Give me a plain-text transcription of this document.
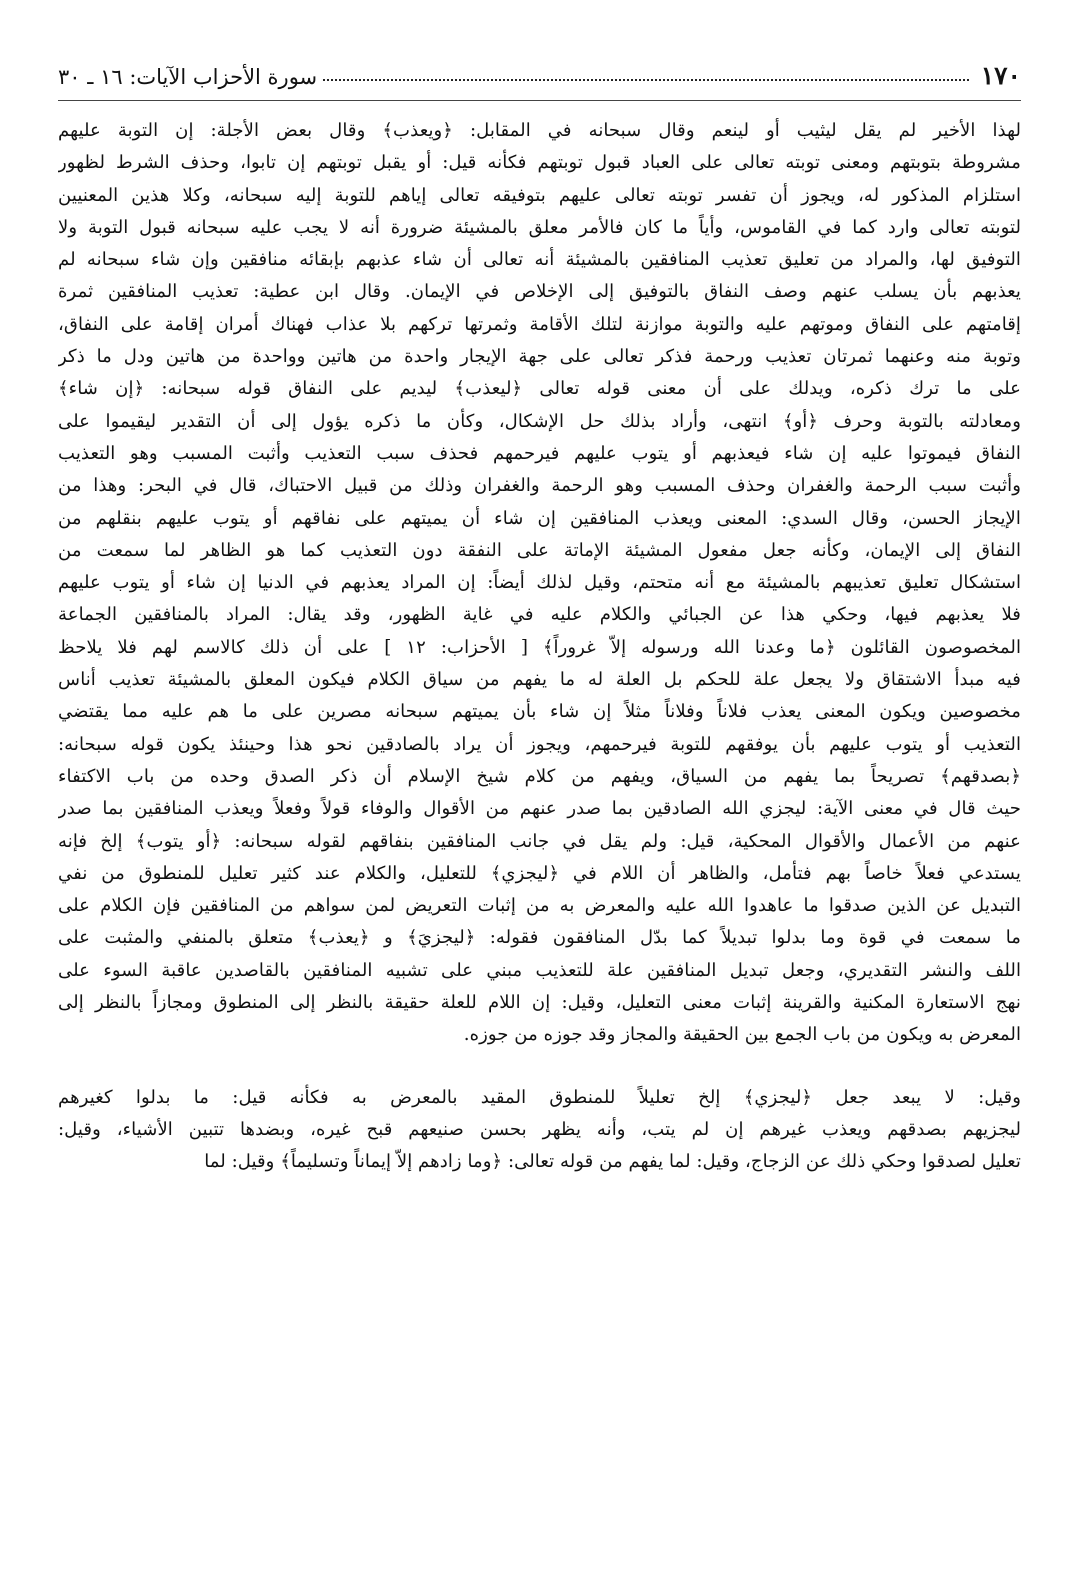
١٧٠
سورة الأحزاب الآيات: ١٦ ـ ٣٠
لهذا الأخير لم يقل ليثيب أو لينعم وقال سبحانه في المقابل: ﴿ويعذب﴾ وقال بعض الأجلة: إن التوبة عليهم
مشروطة بتوبتهم ومعنى توبته تعالى على العباد قبول توبتهم فكأنه قيل: أو يقبل توبتهم إن تابوا، وحذف الشرط لظهور
استلزام المذكور له، ويجوز أن تفسر توبته تعالى عليهم بتوفيقه تعالى إياهم للتوبة إليه سبحانه، وكلا هذين المعنيين
لتوبته تعالى وارد كما في القاموس، وأياً ما كان فالأمر معلق بالمشيئة ضرورة أنه لا يجب عليه سبحانه قبول التوبة ولا
التوفيق لها، والمراد من تعليق تعذيب المنافقين بالمشيئة أنه تعالى أن شاء عذبهم بإبقائه منافقين وإن شاء سبحانه لم
يعذبهم بأن يسلب عنهم وصف النفاق بالتوفيق إلى الإخلاص في الإيمان. وقال ابن عطية: تعذيب المنافقين ثمرة
إقامتهم على النفاق وموتهم عليه والتوبة موازنة لتلك الأقامة وثمرتها تركهم بلا عذاب فهناك أمران إقامة على النفاق،
وتوبة منه وعنهما ثمرتان تعذيب ورحمة فذكر تعالى على جهة الإيجار واحدة من هاتين وواحدة من هاتين ودل ما ذكر
على ما ترك ذكره، ويدلك على أن معنى قوله تعالى ﴿ليعذب﴾ ليديم على النفاق قوله سبحانه: ﴿إن شاء﴾
ومعادلته بالتوبة وحرف ﴿أو﴾ انتهى، وأراد بذلك حل الإشكال، وكأن ما ذكره يؤول إلى أن التقدير ليقيموا على
النفاق فيموتوا عليه إن شاء فيعذبهم أو يتوب عليهم فيرحمهم فحذف سبب التعذيب وأثبت المسبب وهو التعذيب
وأثبت سبب الرحمة والغفران وحذف المسبب وهو الرحمة والغفران وذلك من قبيل الاحتباك، قال في البحر: وهذا من
الإيجاز الحسن، وقال السدي: المعنى ويعذب المنافقين إن شاء أن يميتهم على نفاقهم أو يتوب عليهم بنقلهم من
النفاق إلى الإيمان، وكأنه جعل مفعول المشيئة الإماتة على النفقة دون التعذيب كما هو الظاهر لما سمعت من
استشكال تعليق تعذيبهم بالمشيئة مع أنه متحتم، وقيل لذلك أيضاً: إن المراد يعذبهم في الدنيا إن شاء أو يتوب عليهم
فلا يعذبهم فيها، وحكي هذا عن الجبائي والكلام عليه في غاية الظهور، وقد يقال: المراد بالمنافقين الجماعة
المخصوصون القائلون ﴿ما وعدنا الله ورسوله إلاّ غروراً﴾ [ الأحزاب: ١٢ ] على أن ذلك كالاسم لهم فلا يلاحظ
فيه مبدأ الاشتقاق ولا يجعل علة للحكم بل العلة له ما يفهم من سياق الكلام فيكون المعلق بالمشيئة تعذيب أناس
مخصوصين ويكون المعنى يعذب فلاناً وفلاناً مثلاً إن شاء بأن يميتهم سبحانه مصرين على ما هم عليه مما يقتضي
التعذيب أو يتوب عليهم بأن يوفقهم للتوبة فيرحمهم، ويجوز أن يراد بالصادقين نحو هذا وحينئذ يكون قوله سبحانه:
﴿بصدقهم﴾ تصريحاً بما يفهم من السياق، ويفهم من كلام شيخ الإسلام أن ذكر الصدق وحده من باب الاكتفاء
حيث قال في معنى الآية: ليجزي الله الصادقين بما صدر عنهم من الأقوال والوفاء قولاً وفعلاً ويعذب المنافقين بما صدر
عنهم من الأعمال والأقوال المحكية، قيل: ولم يقل في جانب المنافقين بنفاقهم لقوله سبحانه: ﴿أو يتوب﴾ إلخ فإنه
يستدعي فعلاً خاصاً بهم فتأمل، والظاهر أن اللام في ﴿ليجزي﴾ للتعليل، والكلام عند كثير تعليل للمنطوق من نفي
التبديل عن الذين صدقوا ما عاهدوا الله عليه والمعرض به من إثبات التعريض لمن سواهم من المنافقين فإن الكلام على
ما سمعت في قوة وما بدلوا تبديلاً كما بدّل المنافقون فقوله: ﴿ليجزيَ﴾ و ﴿يعذب﴾ متعلق بالمنفي والمثبت على
اللف والنشر التقديري، وجعل تبديل المنافقين علة للتعذيب مبني على تشبيه المنافقين بالقاصدين عاقبة السوء على
نهج الاستعارة المكنية والقرينة إثبات معنى التعليل، وقيل: إن اللام للعلة حقيقة بالنظر إلى المنطوق ومجازاً بالنظر إلى
المعرض به ويكون من باب الجمع بين الحقيقة والمجاز وقد جوزه من جوزه.
وقيل: لا يبعد جعل ﴿ليجزي﴾ إلخ تعليلاً للمنطوق المقيد بالمعرض به فكأنه قيل: ما بدلوا كغيرهم
ليجزيهم بصدقهم ويعذب غيرهم إن لم يتب، وأنه يظهر بحسن صنيعهم قبح غيره، وبضدها تتبين الأشياء، وقيل:
تعليل لصدقوا وحكي ذلك عن الزجاج، وقيل: لما يفهم من قوله تعالى: ﴿وما زادهم إلاّ إيماناً وتسليماً﴾ وقيل: لما
